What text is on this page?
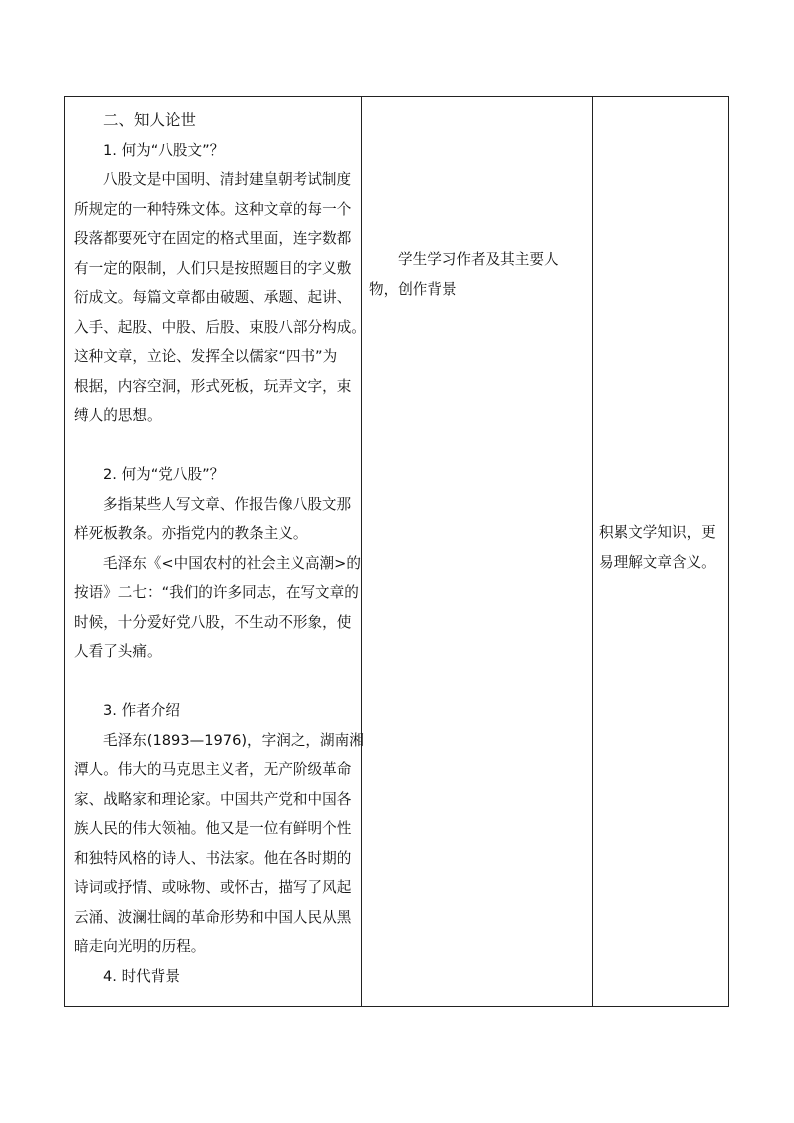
二、知人论世
1. 何为“八股文”？
八股文是中国明、清封建皇朝考试制度
所规定的一种特殊文体。这种文章的每一个
段落都要死守在固定的格式里面，连字数都
有一定的限制，人们只是按照题目的字义敷
衍成文。每篇文章都由破题、承题、起讲、
入手、起股、中股、后股、束股八部分构成。
这种文章，立论、发挥全以儒家“四书”为
根据，内容空洞，形式死板，玩弄文字，束
缚人的思想。
2. 何为“党八股”？
多指某些人写文章、作报告像八股文那
样死板教条。亦指党内的教条主义。
毛泽东《<中国农村的社会主义高潮>的
按语》二七：“我们的许多同志，在写文章的
时候，十分爱好党八股，不生动不形象，使
人看了头痛。
3. 作者介绍
毛泽东(1893—1976)，字润之，湖南湘
潭人。伟大的马克思主义者，无产阶级革命
家、战略家和理论家。中国共产党和中国各
族人民的伟大领袖。他又是一位有鲜明个性
和独特风格的诗人、书法家。他在各时期的
诗词或抒情、或咏物、或怀古，描写了风起
云涌、波澜壮阔的革命形势和中国人民从黑
暗走向光明的历程。
4. 时代背景
学生学习作者及其主要人
物，创作背景
积累文学知识，更
易理解文章含义。
